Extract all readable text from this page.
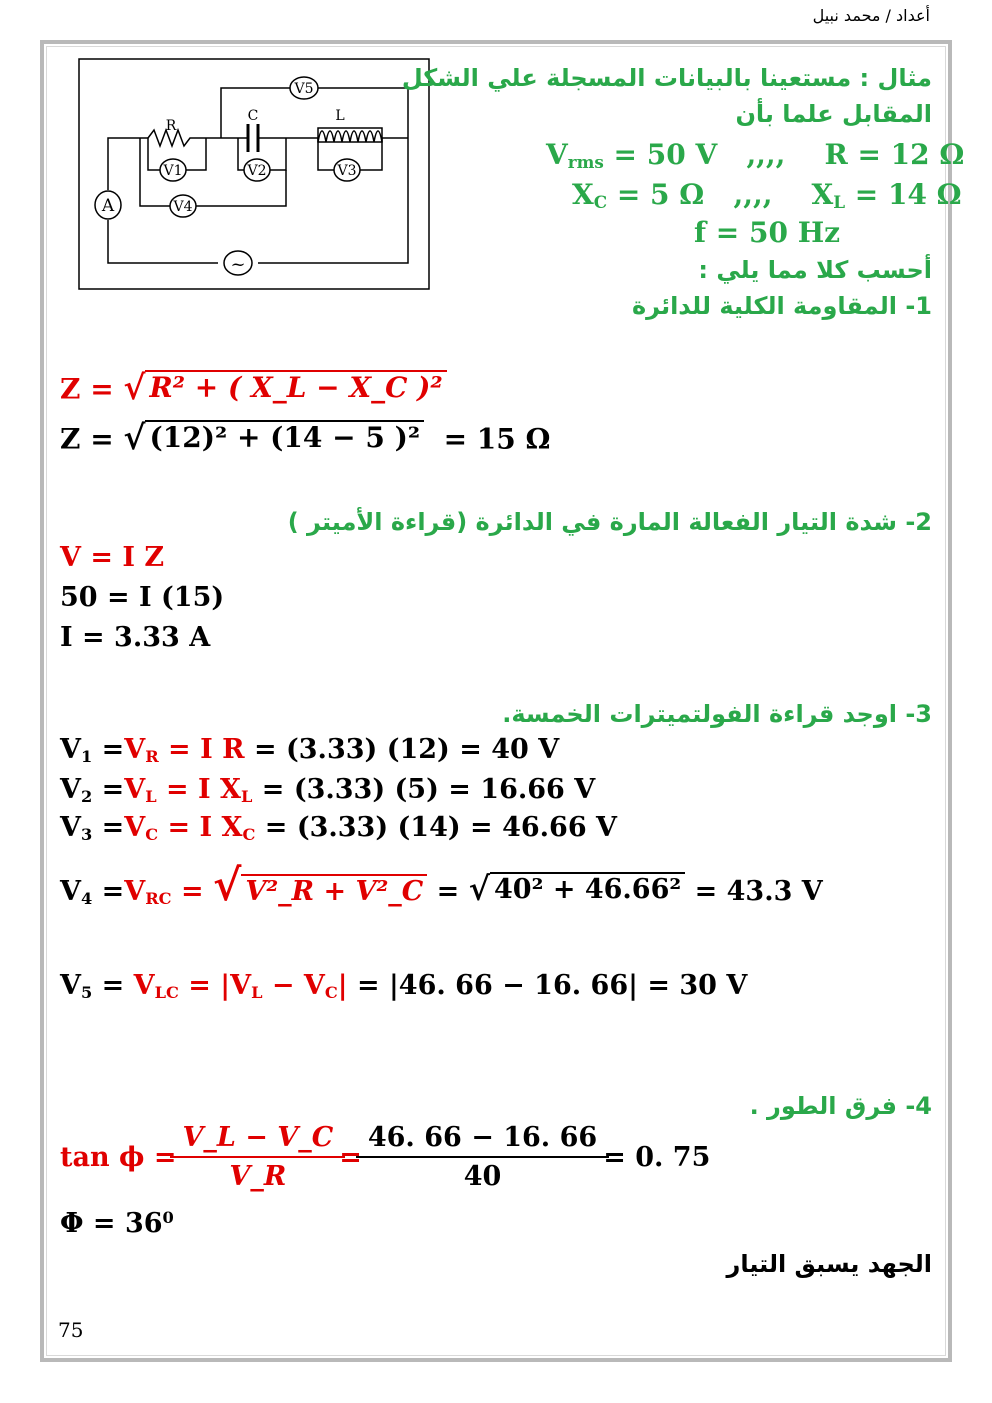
أعداد / محمد نبيل
V5
R
C	L
V1	V2	V3
V4
A
~
مثال : مستعينا بالبيانات المسجلة علي الشكل
المقابل علما بأن
$V_{rms} = 50$ V ,,,, R = 12 Ω
$X_C = 5$ Ω ,,,, $X_L = 14$ Ω
f = 50 Hz
أحسب كلا مما يلي :
1- المقاومة الكلية للدائرة
Z = √ R² + ( X_L − X_C )²
Z = √ (12)² + (14 − 5 )² = 15 Ω
2- شدة التيار الفعالة المارة في الدائرة (قراءة الأميتر )
V = I Z
50 = I (15)
I = 3.33 A
3- اوجد قراءة الفولتميترات الخمسة.
$V_1 =V_R = I$ R = (3.33) (12) = 40 V
$V_2 =V_L = I$ $X_L = (3.33) (5) = 16.66$ V
$V_3 =V_C = I$ $X_C = (3.33) (14) = 46.66$ V
$V_4 =V_{RC}$ = √ V²_R + V²_C = √ 40² + 46.66² = 43.3 V
$V_5 = V_{LC} = |V_L - V_C| = |46$. 66 − 16. 66| = 30 V
4- فرق الطور .
$\tan \phi = \frac{V\_L - V\_C}{V\_R} = \frac{46. 66 - 16. 66}{40} = 0$. 75
$\Phi = 36^0$
الجهد يسبق التيار
75
